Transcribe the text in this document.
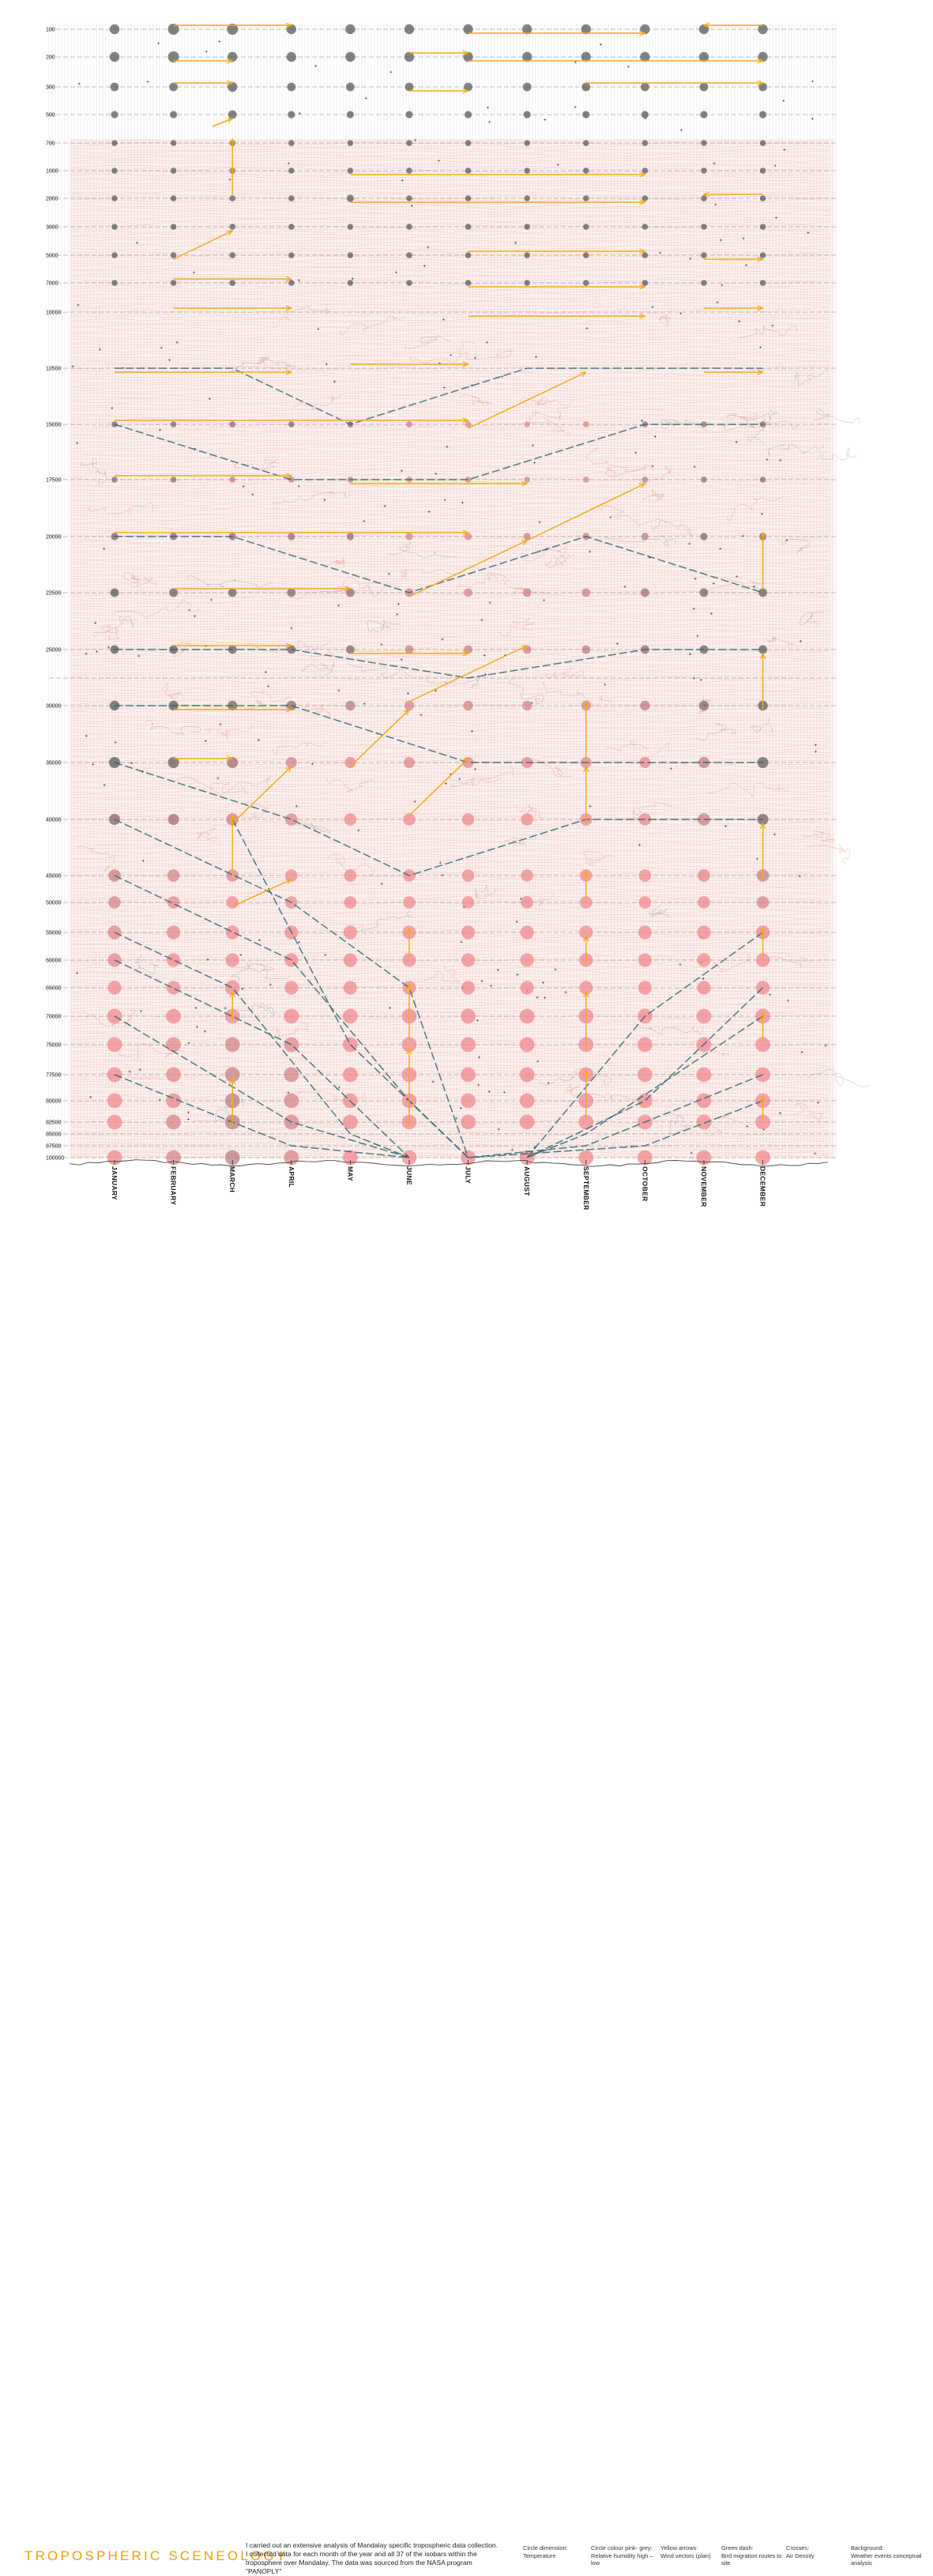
100
200
300
500
700
1000
2000
3000
5000
7000
10000
12500
15000
17500
20000
22500
25000
30000
35000
40000
45000
50000
55000
60000
65000
70000
75000
77500
80000
82500
85000
87500
100000
JANUARY	FEBRUARY	MARCH	APRIL	MAY	JUNE	JULY	AUGUST	SEPTEMBER	OCTOBER	NOVEMBER	DECEMBER
TROPOSPHERIC SCENEOLOGY
I carried out an extensive analysis of Mandalay specific tropospheric data collection. I collected data for each month of the year and all 37 of the isobars within the troposphere over Mandalay. The data was sourced from the NASA program "PANOPLY"
Circle dimension:
Temperature
Circle colour pink- grey:
Relative humidity high – low
Yellow arrows:
Wind vectors (plan)
Green dash:
Bird migration routes to site
Crosses:
Air Density
Background:
Weather events conceptual analysis
